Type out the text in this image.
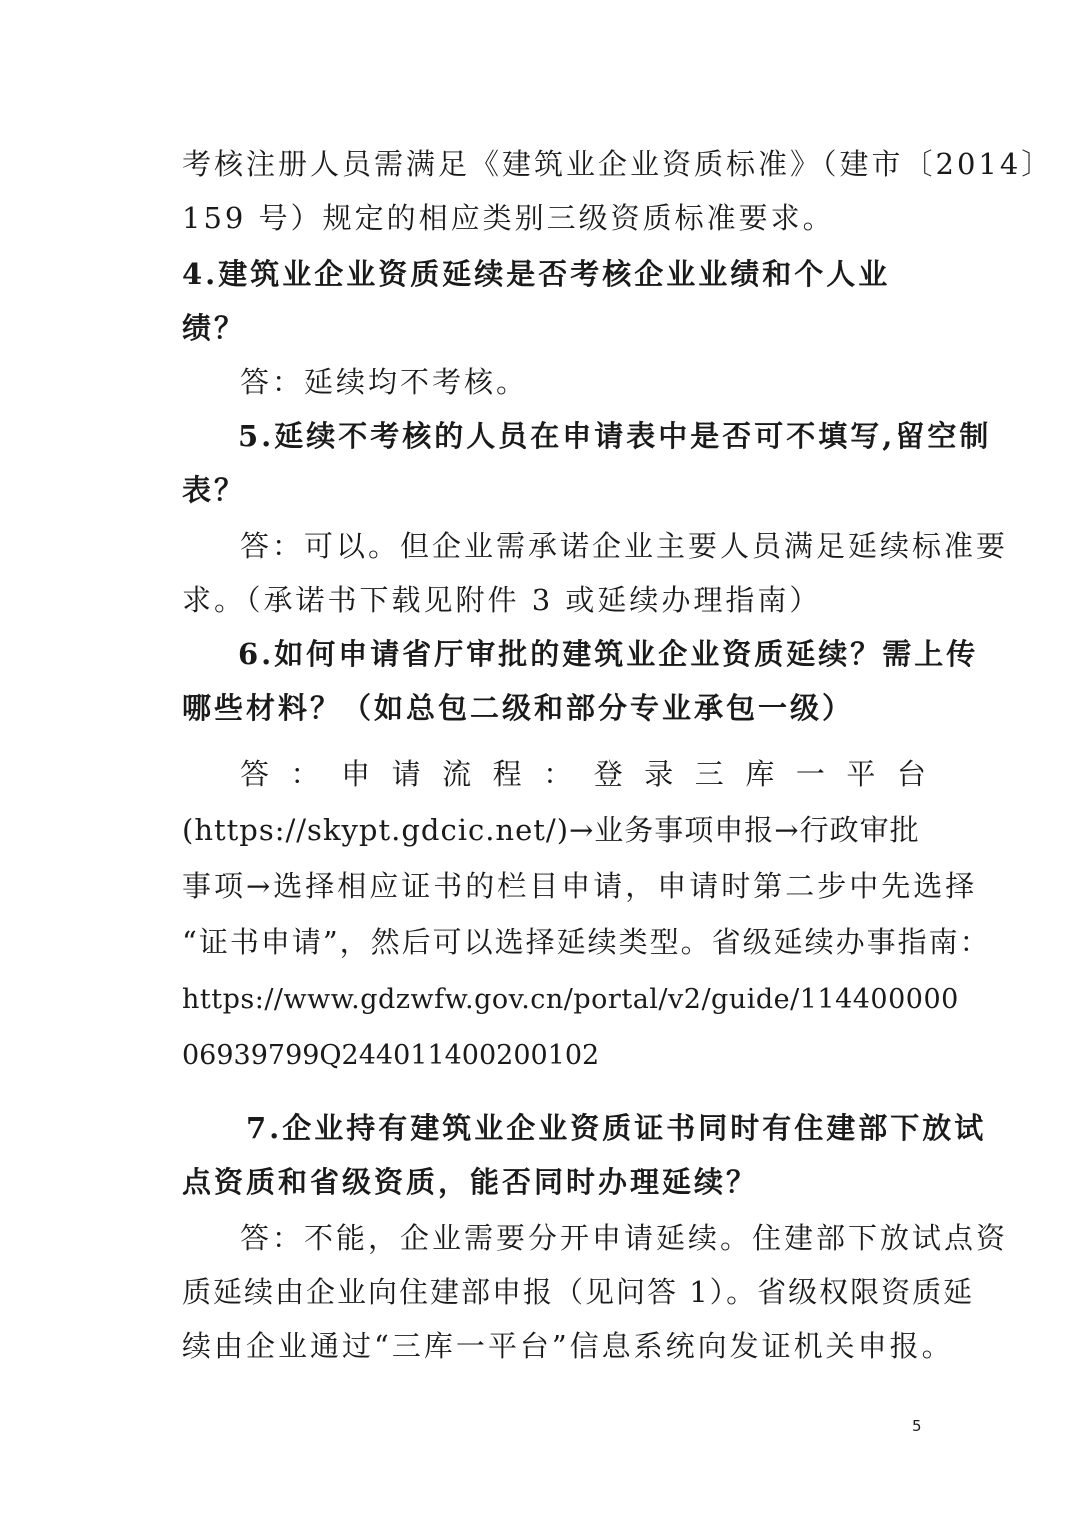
考核注册人员需满足《建筑业企业资质标准》（建市〔2014〕
159 号）规定的相应类别三级资质标准要求。
4.建筑业企业资质延续是否考核企业业绩和个人业
绩？
答：延续均不考核。
5.延续不考核的人员在申请表中是否可不填写,留空制
表？
答：可以。但企业需承诺企业主要人员满足延续标准要
求。（承诺书下载见附件 3 或延续办理指南）
6.如何申请省厅审批的建筑业企业资质延续？需上传
哪些材料？（如总包二级和部分专业承包一级）
答 ： 申 请 流 程 ： 登 录 三 库 一 平 台
(https://skypt.gdcic.net/)→业务事项申报→行政审批
事项→选择相应证书的栏目申请，申请时第二步中先选择
“证书申请”，然后可以选择延续类型。省级延续办事指南：
https://www.gdzwfw.gov.cn/portal/v2/guide/114400000
06939799Q244011400200102
7.企业持有建筑业企业资质证书同时有住建部下放试
点资质和省级资质，能否同时办理延续？
答：不能，企业需要分开申请延续。住建部下放试点资
质延续由企业向住建部申报（见问答 1）。省级权限资质延
续由企业通过“三库一平台”信息系统向发证机关申报。
5
